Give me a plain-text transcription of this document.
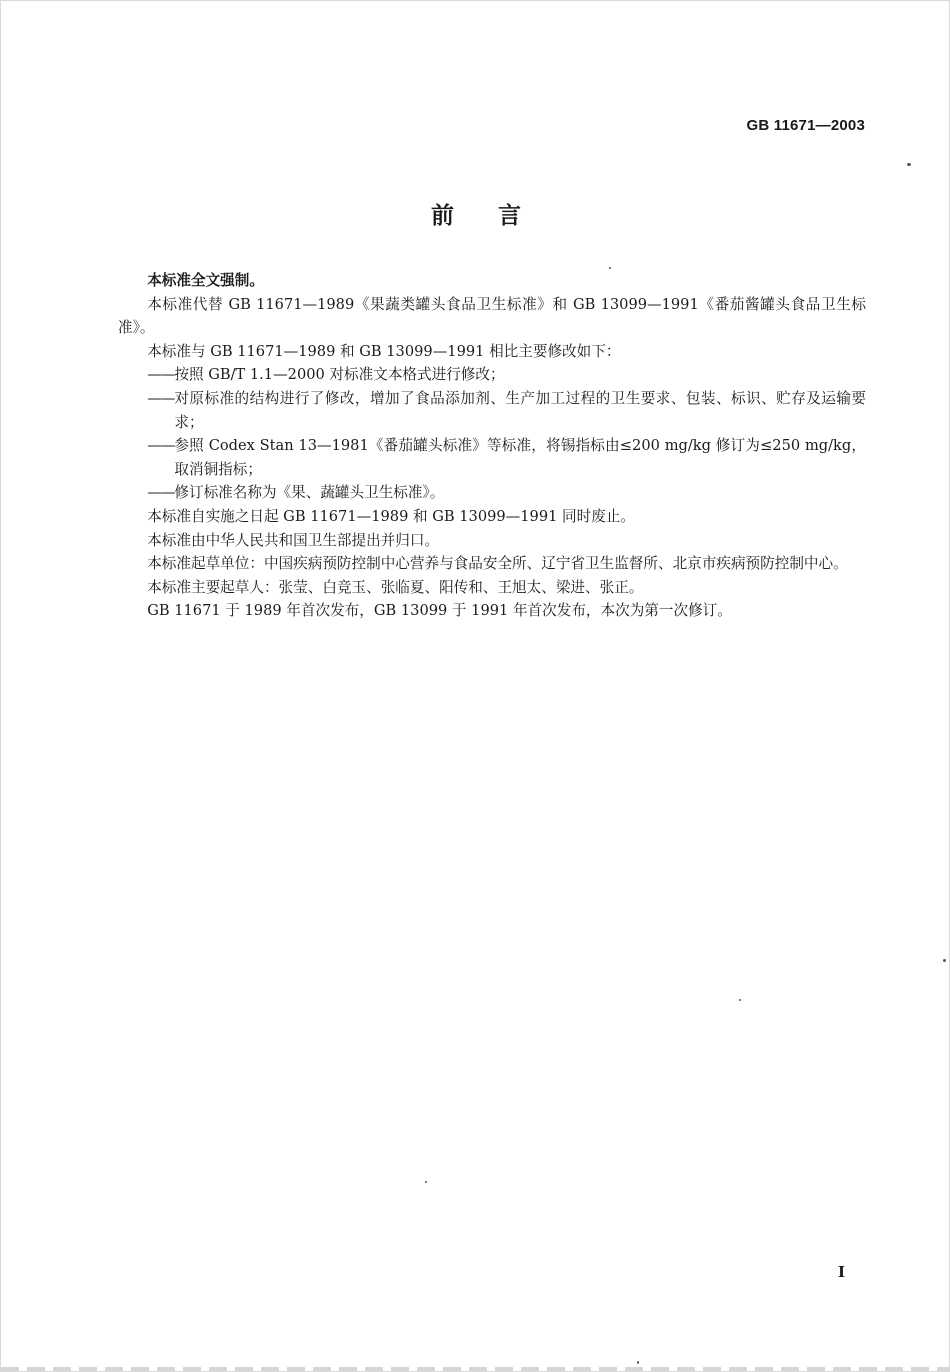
GB 11671—2003
前言

本标准全文强制。

本标准代替 GB 11671—1989《果蔬类罐头食品卫生标准》和 GB 13099—1991《番茄酱罐头食品卫生标准》。

本标准与 GB 11671—1989 和 GB 13099—1991 相比主要修改如下：

—— 按照 GB/T 1.1—2000 对标准文本格式进行修改；
—— 对原标准的结构进行了修改，增加了食品添加剂、生产加工过程的卫生要求、包装、标识、贮存及运输要求；
—— 参照 Codex Stan 13—1981《番茄罐头标准》等标准，将锡指标由≤200 mg/kg 修订为≤250 mg/kg，取消铜指标；
—— 修订标准名称为《果、蔬罐头卫生标准》。

本标准自实施之日起 GB 11671—1989 和 GB 13099—1991 同时废止。

本标准由中华人民共和国卫生部提出并归口。

本标准起草单位：中国疾病预防控制中心营养与食品安全所、辽宁省卫生监督所、北京市疾病预防控制中心。

本标准主要起草人：张莹、白竞玉、张临夏、阳传和、王旭太、梁进、张正。

GB 11671 于 1989 年首次发布，GB 13099 于 1991 年首次发布，本次为第一次修订。

I
